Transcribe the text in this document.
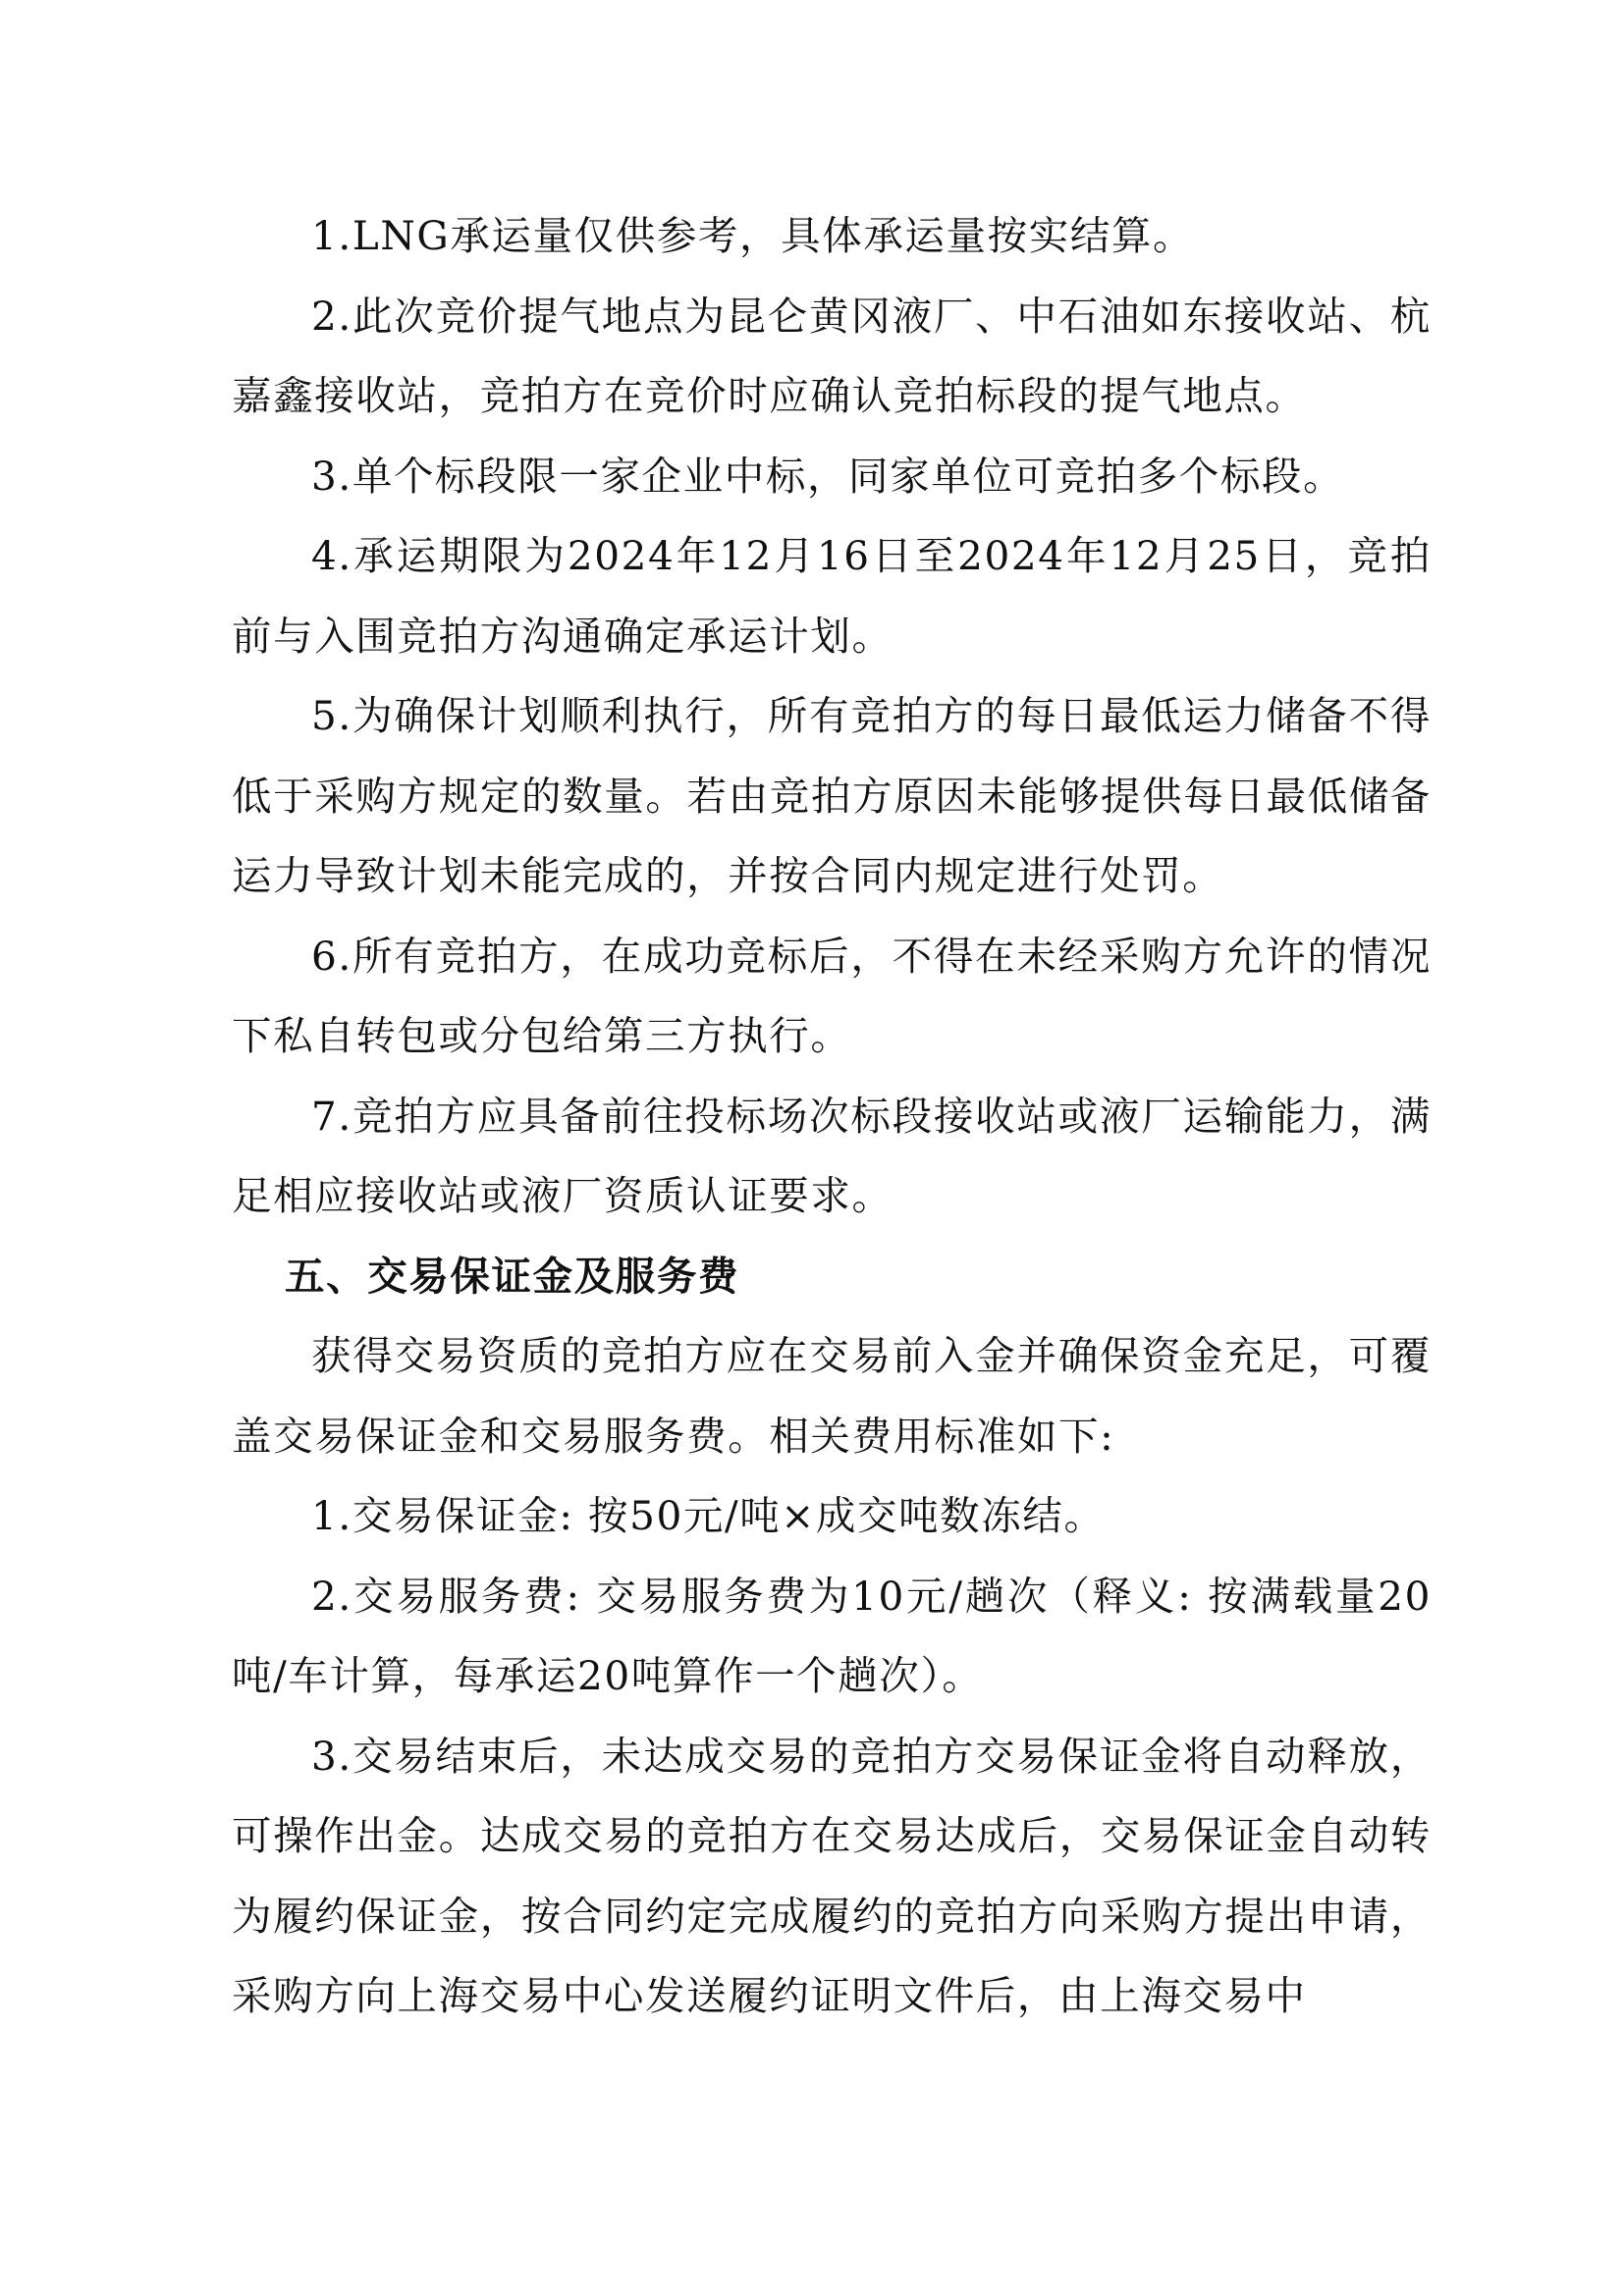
1.LNG承运量仅供参考，具体承运量按实结算。

2.此次竞价提气地点为昆仑黄冈液厂、中石油如东接收站、杭嘉鑫接收站，竞拍方在竞价时应确认竞拍标段的提气地点。

3.单个标段限一家企业中标，同家单位可竞拍多个标段。

4.承运期限为2024年12月16日至2024年12月25日，竞拍前与入围竞拍方沟通确定承运计划。

5.为确保计划顺利执行，所有竞拍方的每日最低运力储备不得低于采购方规定的数量。若由竞拍方原因未能够提供每日最低储备运力导致计划未能完成的，并按合同内规定进行处罚。

6.所有竞拍方，在成功竞标后，不得在未经采购方允许的情况下私自转包或分包给第三方执行。

7.竞拍方应具备前往投标场次标段接收站或液厂运输能力，满足相应接收站或液厂资质认证要求。

五、交易保证金及服务费

获得交易资质的竞拍方应在交易前入金并确保资金充足，可覆盖交易保证金和交易服务费。相关费用标准如下:

1.交易保证金: 按50元/吨×成交吨数冻结。

2.交易服务费: 交易服务费为10元/趟次（释义: 按满载量20吨/车计算，每承运20吨算作一个趟次）。

3.交易结束后，未达成交易的竞拍方交易保证金将自动释放，可操作出金。达成交易的竞拍方在交易达成后，交易保证金自动转为履约保证金，按合同约定完成履约的竞拍方向采购方提出申请，采购方向上海交易中心发送履约证明文件后，由上海交易中
